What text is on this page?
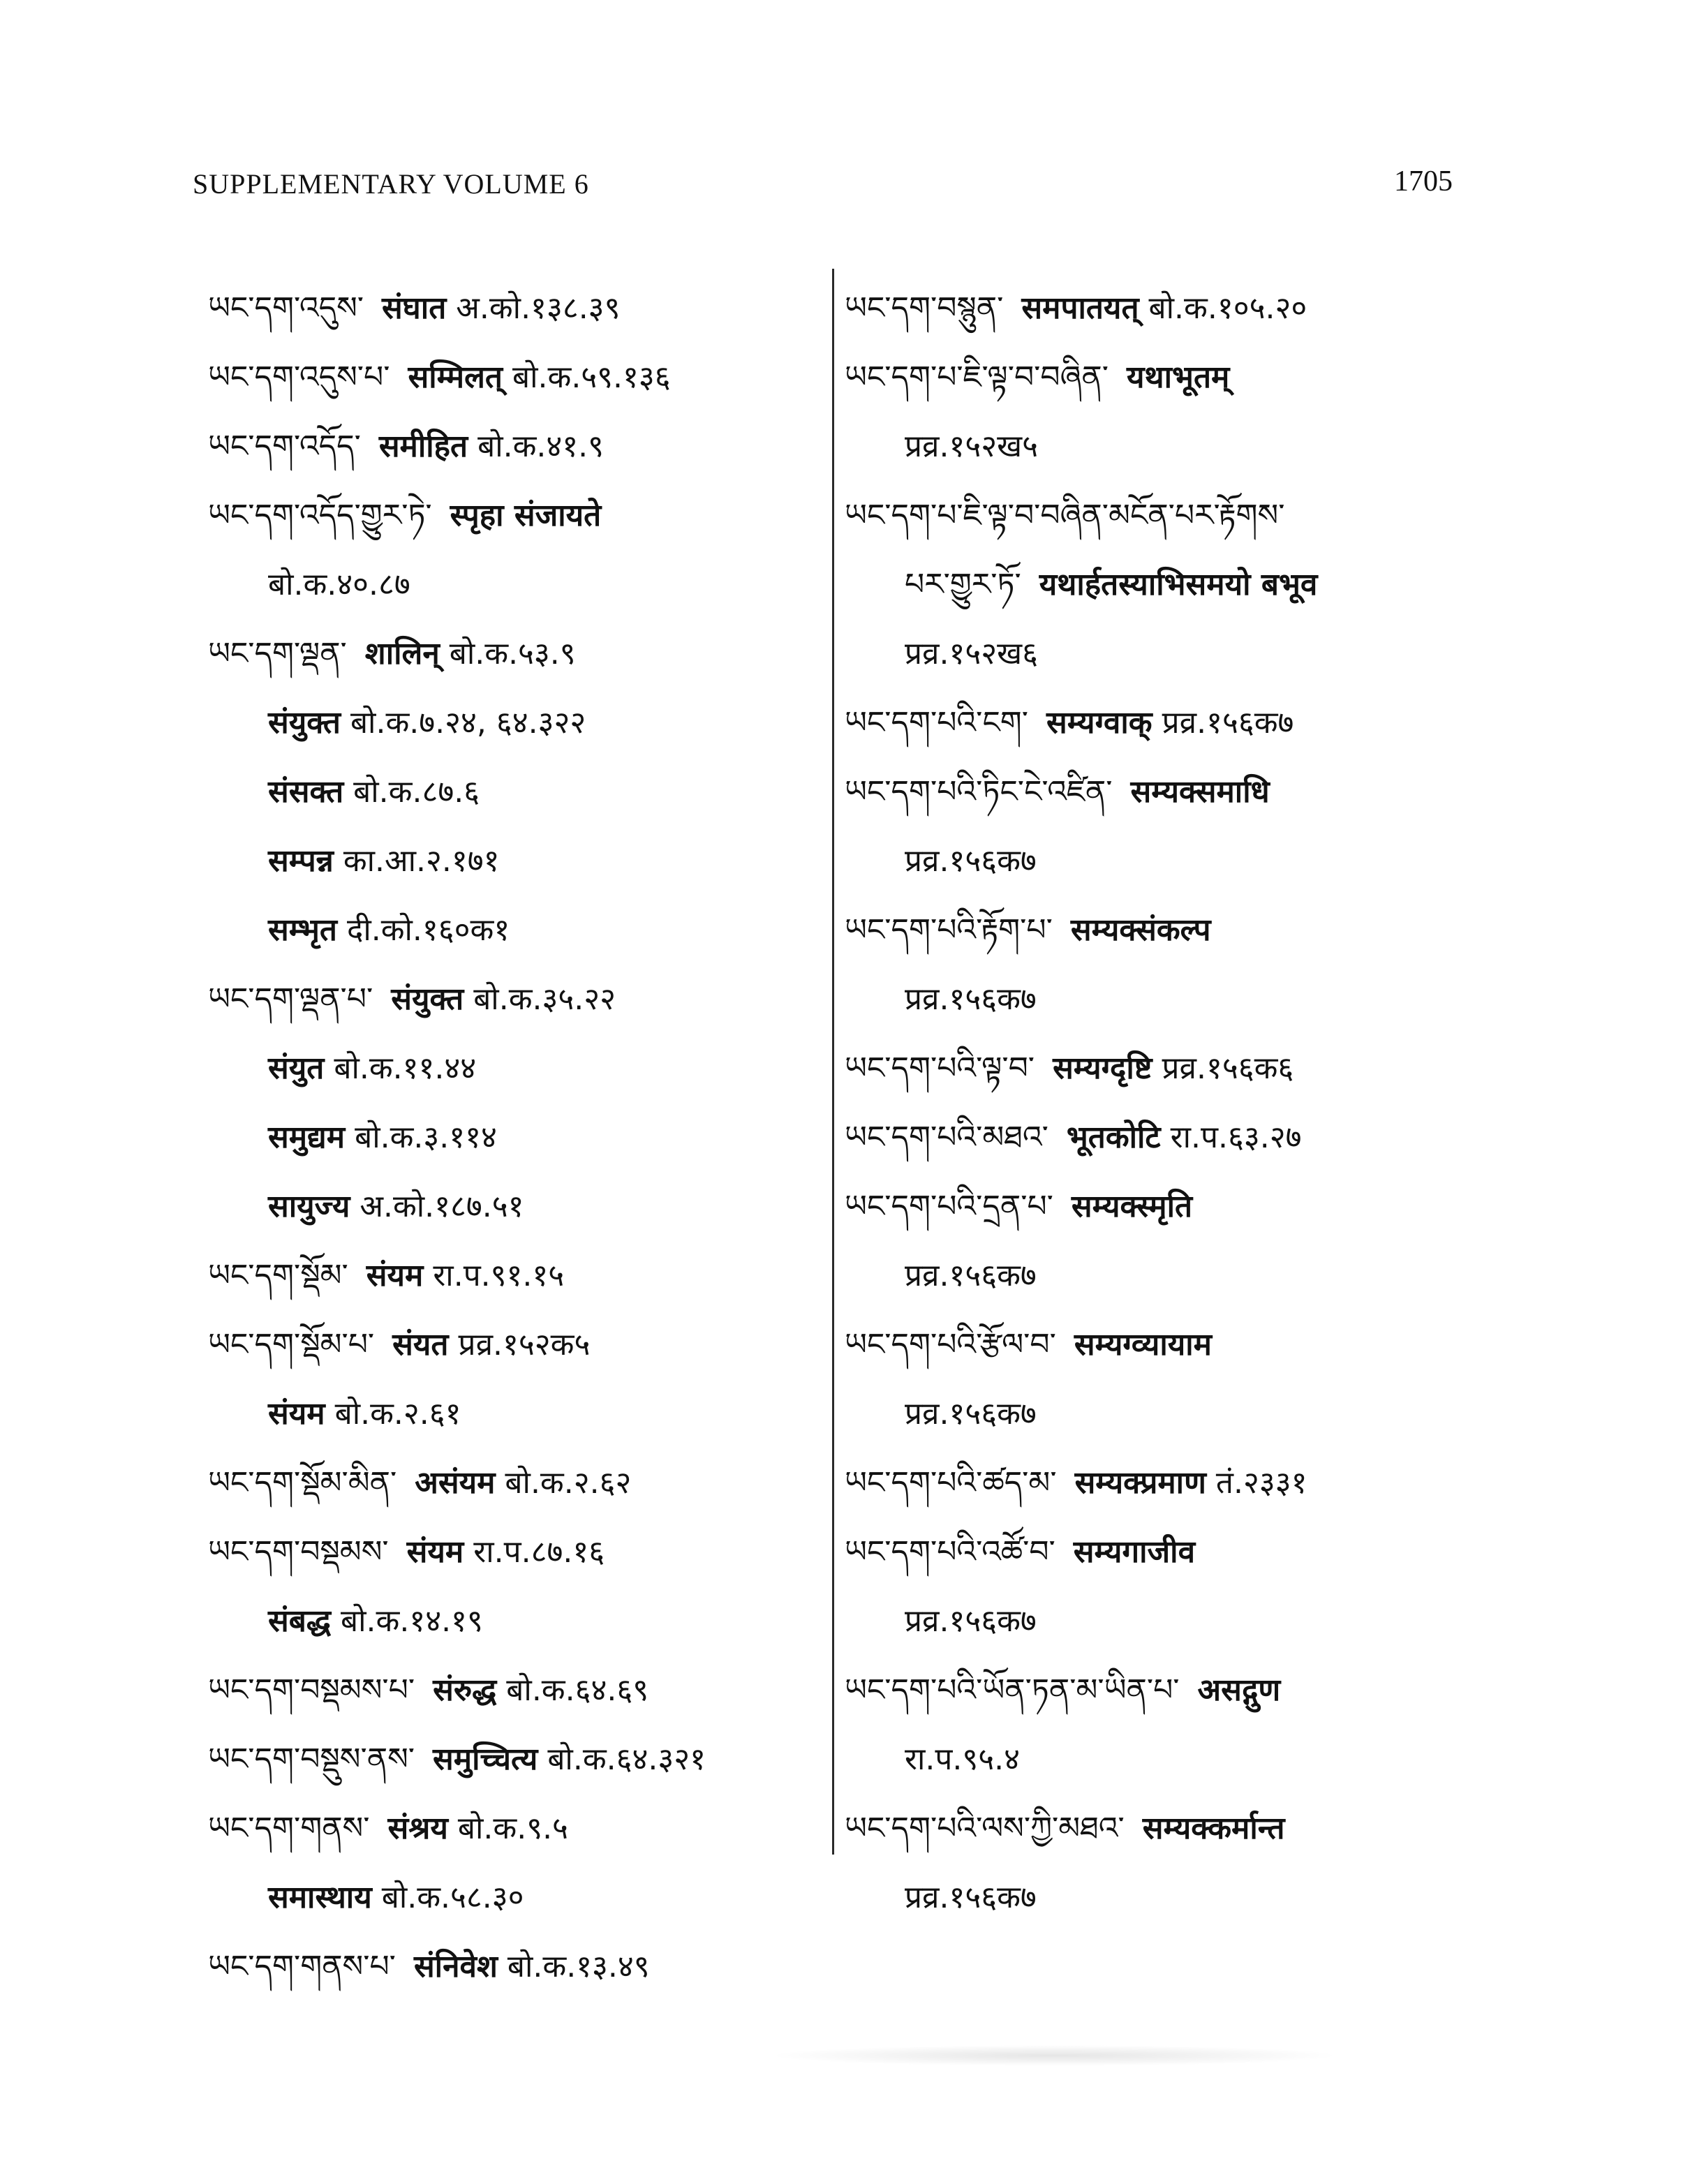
SUPPLEMENTARY VOLUME 6	1705
ཡང་དག་འདུས་ संघात अ.को.१३८.३९
ཡང་དག་འདུས་པ་ सम्मिलत् बो.क.५९.१३६
ཡང་དག་འདོད་ समीहित बो.क.४१.९
ཡང་དག་འདོད་གྱུར་ཏེ་ स्पृहा संजायते
बो.क.४०.८७
ཡང་དག་ལྡན་ शालिन् बो.क.५३.९
संयुक्त बो.क.७.२४, ६४.३२२
संसक्त बो.क.८७.६
सम्पन्न का.आ.२.१७१
सम्भृत दी.को.१६०क१
ཡང་དག་ལྡན་པ་ संयुक्त बो.क.३५.२२
संयुत बो.क.११.४४
समुद्यम बो.क.३.११४
सायुज्य अ.को.१८७.५१
ཡང་དག་སྡོམ་ संयम रा.प.९१.१५
ཡང་དག་སྡོམ་པ་ संयत प्रव्र.१५२क५
संयम बो.क.२.६१
ཡང་དག་སྡོམ་མིན་ असंयम बो.क.२.६२
ཡང་དག་བསྡམས་ संयम रा.प.८७.१६
संबद्ध बो.क.१४.१९
ཡང་དག་བསྡམས་པ་ संरुद्ध बो.क.६४.६९
ཡང་དག་བསྡུས་ནས་ समुच्चित्य बो.क.६४.३२१
ཡང་དག་གནས་ संश्रय बो.क.९.५
समास्थाय बो.क.५८.३०
ཡང་དག་གནས་པ་ संनिवेश बो.क.१३.४९
ཡང་དག་བསྙུན་ समपातयत् बो.क.१०५.२०
ཡང་དག་པ་ཇི་ལྟ་བ་བཞིན་ यथाभूतम्
प्रव्र.१५२ख५
ཡང་དག་པ་ཇི་ལྟ་བ་བཞིན་མངོན་པར་རྟོགས་
པར་གྱུར་ཏོ་ यथार्हतस्याभिसमयो बभूव
प्रव्र.१५२ख६
ཡང་དག་པའི་ངག་ सम्यग्वाक् प्रव्र.१५६क७
ཡང་དག་པའི་ཏིང་ངེ་འཛིན་ सम्यक्समाधि
प्रव्र.१५६क७
ཡང་དག་པའི་རྟོག་པ་ सम्यक्संकल्प
प्रव्र.१५६क७
ཡང་དག་པའི་ལྟ་བ་ सम्यग्दृष्टि प्रव्र.१५६क६
ཡང་དག་པའི་མཐའ་ भूतकोटि रा.प.६३.२७
ཡང་དག་པའི་དྲན་པ་ सम्यक्स्मृति
प्रव्र.१५६क७
ཡང་དག་པའི་རྩོལ་བ་ सम्यग्व्यायाम
प्रव्र.१५६क७
ཡང་དག་པའི་ཚད་མ་ सम्यक्प्रमाण तं.२३३१
ཡང་དག་པའི་འཚོ་བ་ सम्यगाजीव
प्रव्र.१५६क७
ཡང་དག་པའི་ཡོན་ཏན་མ་ཡིན་པ་ असद्गुण
रा.प.९५.४
ཡང་དག་པའི་ལས་ཀྱི་མཐའ་ सम्यक्कर्मान्त
प्रव्र.१५६क७
